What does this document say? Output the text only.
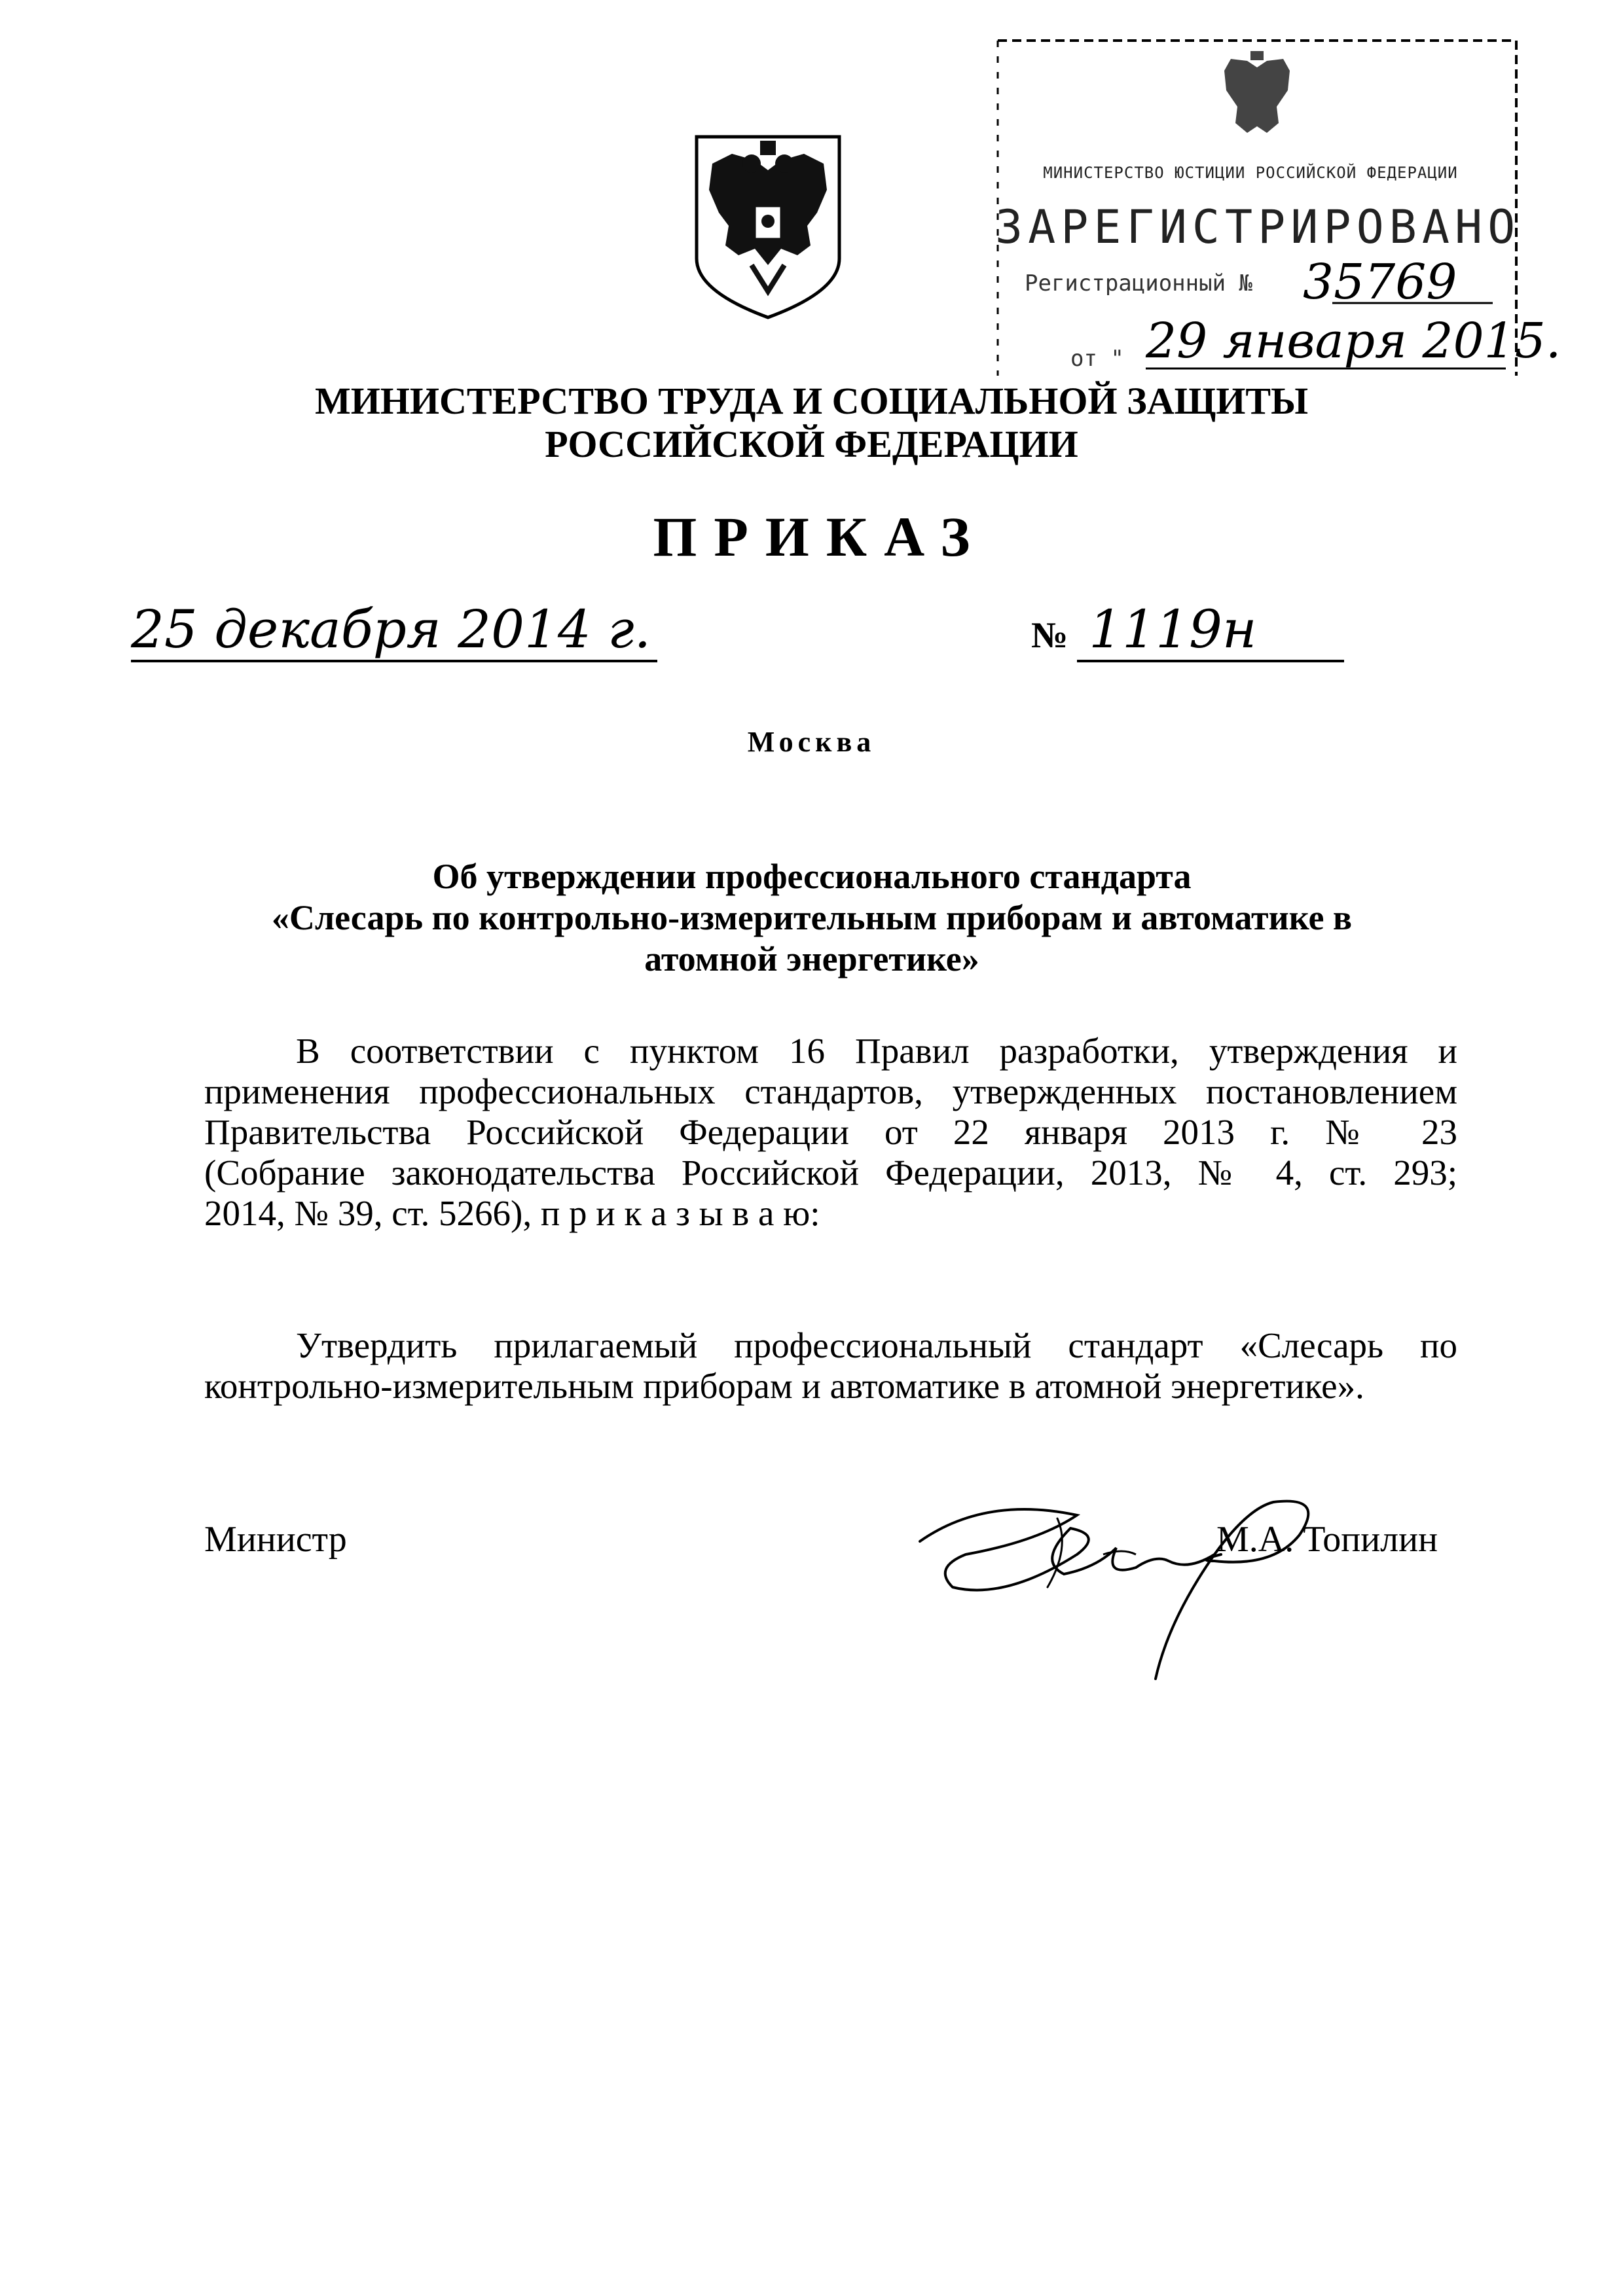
МИНИСТЕРСТВО ЮСТИЦИИ РОССИЙСКОЙ ФЕДЕРАЦИИ
ЗАРЕГИСТРИРОВАНО
Регистрационный № 35769
от " 29 января 2015.
МИНИСТЕРСТВО ТРУДА И СОЦИАЛЬНОЙ ЗАЩИТЫ
РОССИЙСКОЙ ФЕДЕРАЦИИ
ПРИКАЗ
25 декабря 2014 г.	№ 1119н
Москва
Об утверждении профессионального стандарта
«Слесарь по контрольно-измерительным приборам и автоматике в
атомной энергетике»
В соответствии с пунктом 16 Правил разработки, утверждения и
применения профессиональных стандартов, утвержденных постановлением
Правительства Российской Федерации от 22 января 2013 г. № 23
(Собрание законодательства Российской Федерации, 2013, № 4, ст. 293;
2014, № 39, ст. 5266), п р и к а з ы в а ю:
Утвердить прилагаемый профессиональный стандарт «Слесарь по
контрольно-измерительным приборам и автоматике в атомной энергетике».
Министр	М.А. Топилин
